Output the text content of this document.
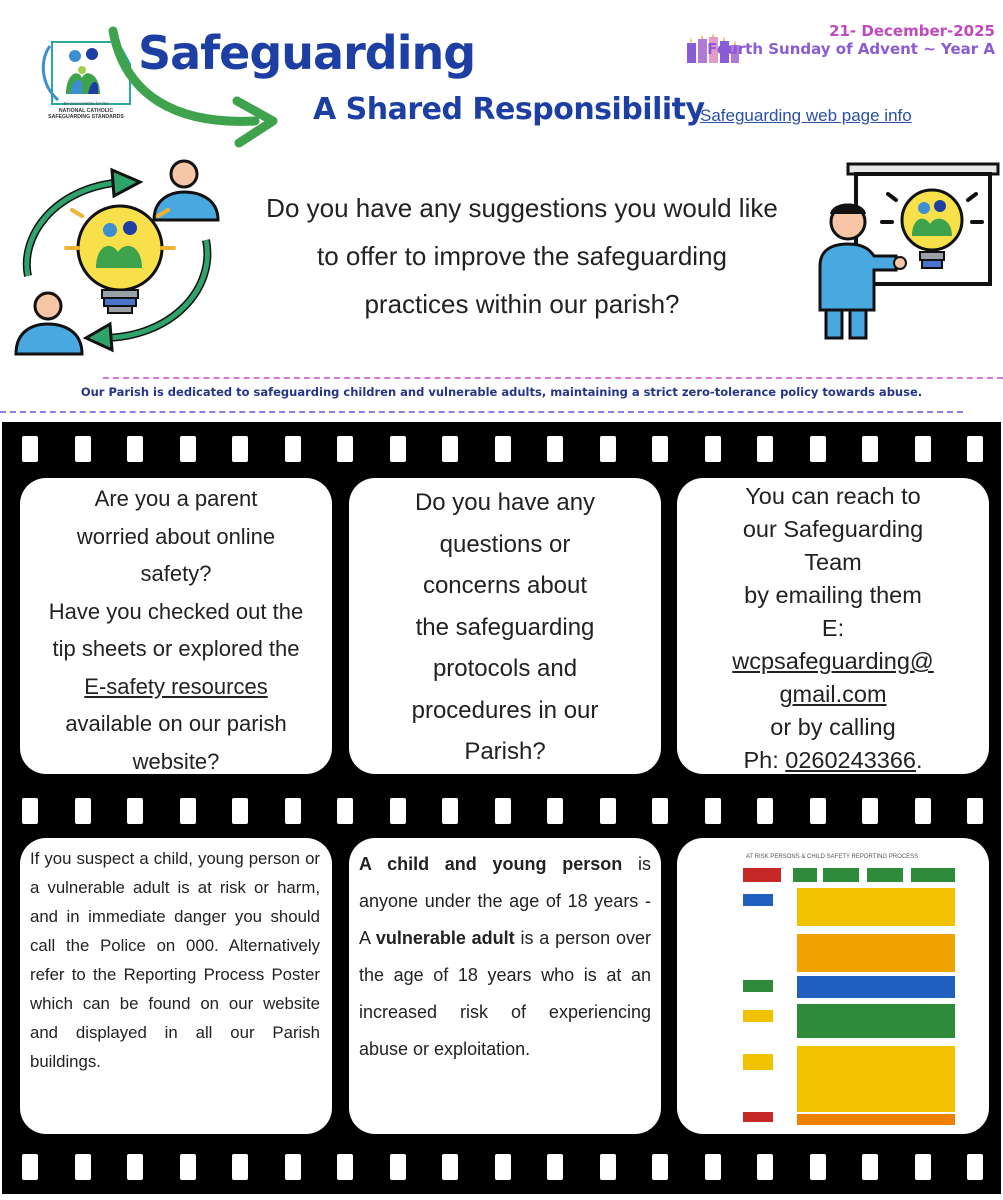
Be accountable for the
NATIONAL CATHOLIC
SAFEGUARDING STANDARDS
Safeguarding
A Shared Responsibility
Safeguarding web page info
21- December-2025
Fourth Sunday of Advent ~ Year A
Do you have any suggestions you would like
to offer to improve the safeguarding
practices within our parish?
Our Parish is dedicated to safeguarding children and vulnerable adults, maintaining a strict zero-tolerance policy towards abuse.
Are you a parent
worried about online
safety?
Have you checked out the
tip sheets or explored the
E-safety resources
available on our parish
website?
Do you have any
questions or
concerns about
the safeguarding
protocols and
procedures in our
Parish?
You can reach to
our Safeguarding
Team
by emailing them
E:
wcpsafeguarding@
gmail.com
or by calling
Ph: 0260243366.
If you suspect a child, young person or a vulnerable adult is at risk or harm, and in immediate danger you should call the Police on 000. Alternatively refer to the Reporting Process Poster which can be found on our website and displayed in all our Parish buildings.
A child and young person is anyone under the age of 18 years - A vulnerable adult is a person over the age of 18 years who is at an increased risk of experiencing abuse or exploitation.
AT RISK PERSONS & CHILD SAFETY REPORTING PROCESS
